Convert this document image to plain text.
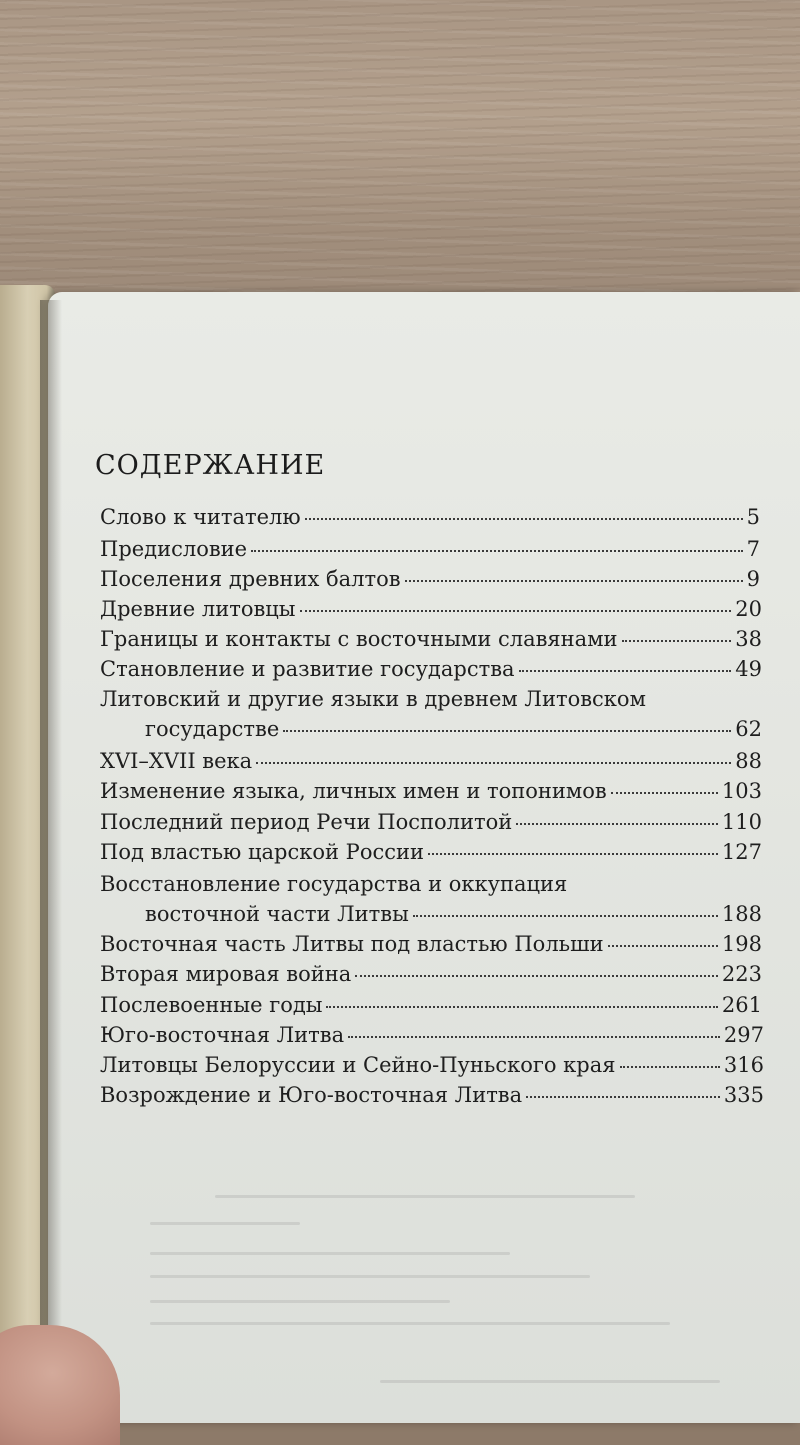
СОДЕРЖАНИЕ
Слово к читателю	5
Предисловие	7
Поселения древних балтов	9
Древние литовцы	20
Границы и контакты с восточными славянами	38
Становление и развитие государства	49
Литовский и другие языки в древнем Литовском
государстве	62
XVI–XVII века	88
Изменение языка, личных имен и топонимов	103
Последний период Речи Посполитой	110
Под властью царской России	127
Восстановление государства и оккупация
восточной части Литвы	188
Восточная часть Литвы под властью Польши	198
Вторая мировая война	223
Послевоенные годы	261
Юго-восточная Литва	297
Литовцы Белоруссии и Сейно-Пуньского края	316
Возрождение и Юго-восточная Литва	335
